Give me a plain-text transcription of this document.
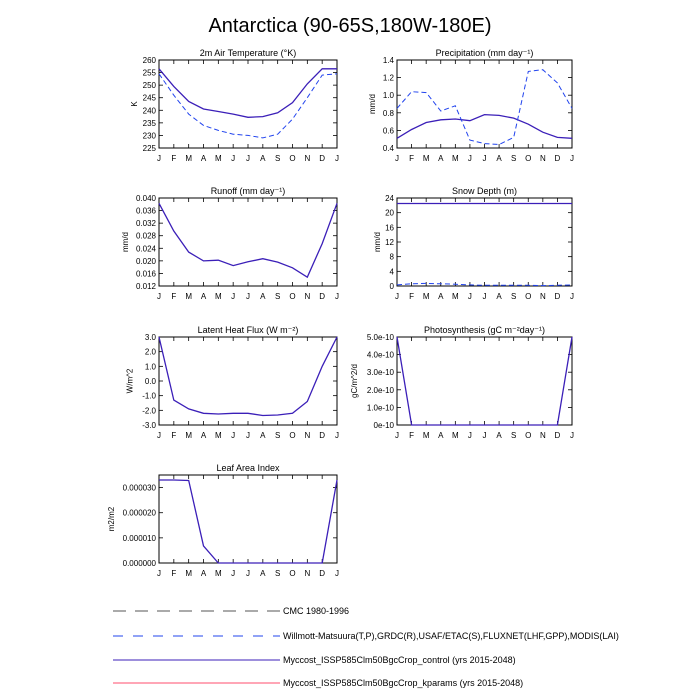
Antarctica (90-65S,180W-180E)
2m Air Temperature (°K)
225
230
235
240
245
250
255
260
J F M A M J J A S O N D J
K
Precipitation (mm day⁻¹)
0.4
0.6
0.8
1.0
1.2
1.4
J F M A M J J A S O N D J
mm/d
Runoff (mm day⁻¹)
0.012
0.016
0.020
0.024
0.028
0.032
0.036
0.040
J F M A M J J A S O N D J
mm/d
Snow Depth (m)
0
4
8
12
16
20
24
J F M A M J J A S O N D J
mm/d
Latent Heat Flux (W m⁻²)
-3.0
-2.0
-1.0
0.0
1.0
2.0
3.0
J F M A M J J A S O N D J
W/m^2
Photosynthesis (gC m⁻²day⁻¹)
0e-10
1.0e-10
2.0e-10
3.0e-10
4.0e-10
5.0e-10
J F M A M J J A S O N D J
gC/m^2/d
Leaf Area Index
0.000000
0.000010
0.000020
0.000030
J F M A M J J A S O N D J
m2/m2
CMC 1980-1996
Willmott-Matsuura(T,P),GRDC(R),USAF/ETAC(S),FLUXNET(LHF,GPP),MODIS(LAI)
Myccost_ISSP585Clm50BgcCrop_control (yrs 2015-2048)
Myccost_ISSP585Clm50BgcCrop_kparams (yrs 2015-2048)
